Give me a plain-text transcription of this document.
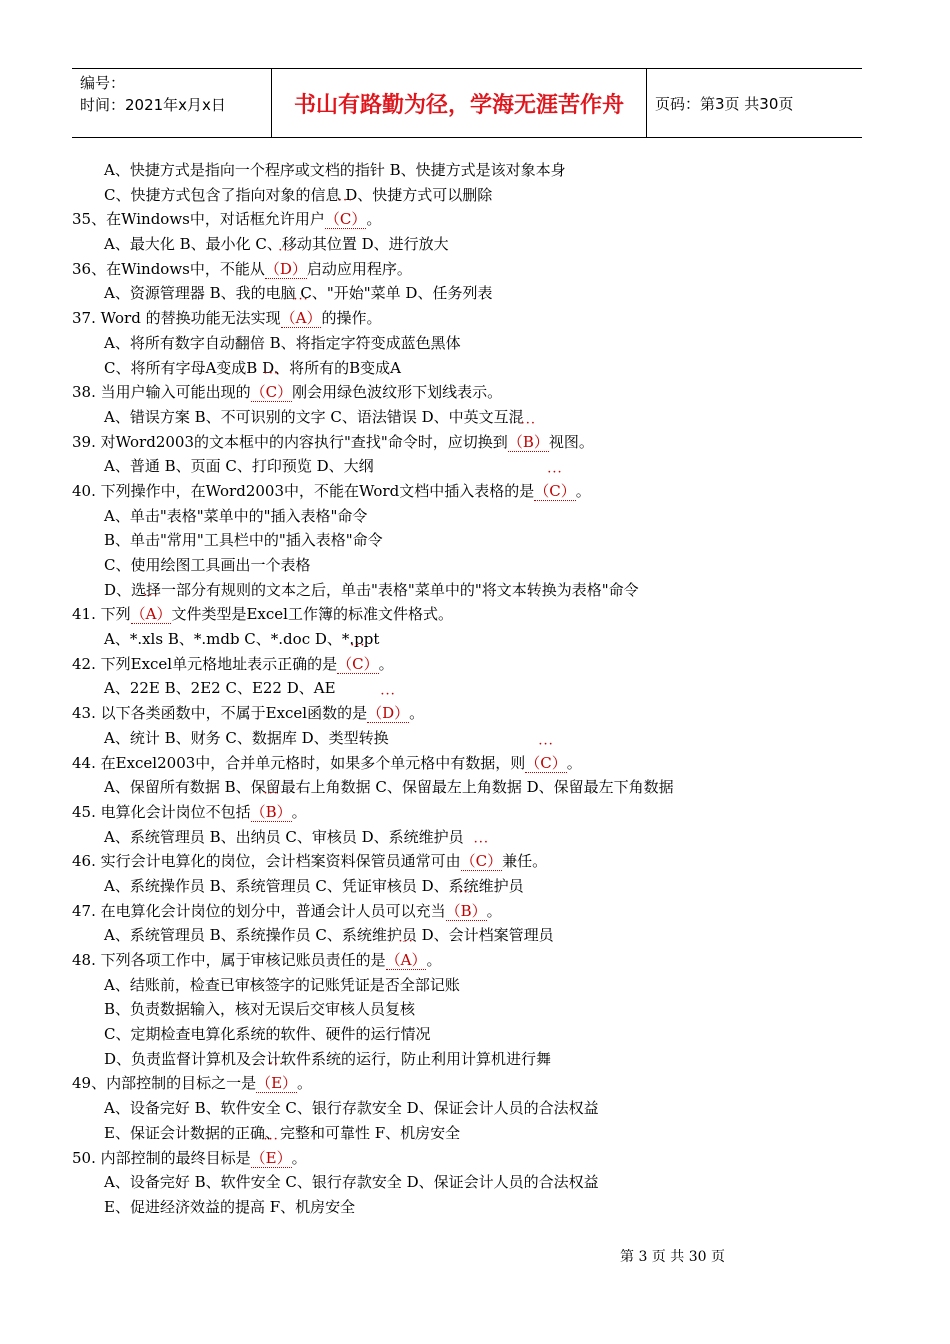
编号：
时间：2021年x月x日	书山有路勤为径，学海无涯苦作舟	页码：第3页 共30页
A、快捷方式是指向一个程序或文档的指针 B、快捷方式是该对象本身
C、快捷方式包含了指向对象的信息 D、快捷方式可以删除
35、在Windows中，对话框允许用户··· （C）。
A、最大化 B、最小化 C、移动其位置 D、进行放大
36、在Windows中，不能从··· （D）启动应用程序。
A、资源管理器 B、我的电脑 C、"开始"菜单 D、任务列表
37. Word 的替换功能无法实现··· （A）的操作。
A、将所有数字自动翻倍 B、将指定字符变成蓝色黑体
C、将所有字母A变成B D、将所有的B变成A
38. 当用户输入可能出现的··· （C）刚会用绿色波纹形下划线表示。
A、错误方案 B、不可识别的文字 C、语法错误 D、中英文互混
39. 对Word2003的文本框中的内容执行"查找"命令时，应切换到··· （B）视图。
A、普通 B、页面 C、打印预览 D、大纲
40. 下列操作中，在Word2003中，不能在Word文档中插入表格的是··· （C）。
A、单击"表格"菜单中的"插入表格"命令
B、单击"常用"工具栏中的"插入表格"命令
C、使用绘图工具画出一个表格
D、选择一部分有规则的文本之后，单击"表格"菜单中的"将文本转换为表格"命令
41. 下列··· （A）文件类型是Excel工作簿的标准文件格式。
A、*.xls B、*.mdb C、*.doc D、*.ppt
42. 下列Excel单元格地址表示正确的是··· （C）。
A、22E B、2E2 C、E22 D、AE
43. 以下各类函数中，不属于Excel函数的是··· （D）。
A、统计 B、财务 C、数据库 D、类型转换
44. 在Excel2003中，合并单元格时，如果多个单元格中有数据，则··· （C）。
A、保留所有数据 B、保留最右上角数据 C、保留最左上角数据 D、保留最左下角数据
45. 电算化会计岗位不包括··· （B）。
A、系统管理员 B、出纳员 C、审核员 D、系统维护员
46. 实行会计电算化的岗位，会计档案资料保管员通常可由··· （C）兼任。
A、系统操作员 B、系统管理员 C、凭证审核员 D、系统维护员
47. 在电算化会计岗位的划分中，普通会计人员可以充当··· （B）。
A、系统管理员 B、系统操作员 C、系统维护员 D、会计档案管理员
48. 下列各项工作中，属于审核记账员责任的是··· （A）。
A、结账前，检查已审核签字的记账凭证是否全部记账
B、负责数据输入，核对无误后交审核人员复核
C、定期检查电算化系统的软件、硬件的运行情况
D、负责监督计算机及会计软件系统的运行，防止利用计算机进行舞
49、内部控制的目标之一是··· （E）。
A、设备完好 B、软件安全 C、银行存款安全 D、保证会计人员的合法权益
E、保证会计数据的正确、完整和可靠性 F、机房安全
50. 内部控制的最终目标是··· （E）。
A、设备完好 B、软件安全 C、银行存款安全 D、保证会计人员的合法权益
E、促进经济效益的提高 F、机房安全
第 3 页 共 30 页
